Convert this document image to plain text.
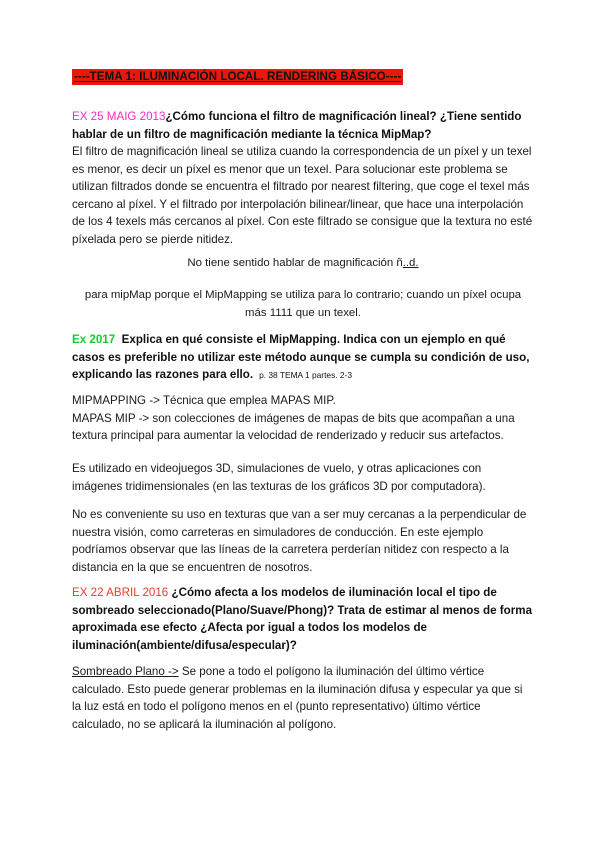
----TEMA 1: ILUMINACIÓN LOCAL. RENDERING BÁSICO----
EX 25 MAIG 2013¿Cómo funciona el filtro de magnificación lineal? ¿Tiene sentido hablar de un filtro de magnificación mediante la técnica MipMap?
El filtro de magnificación lineal se utiliza cuando la correspondencia de un píxel y un texel es menor, es decir un píxel es menor que un texel. Para solucionar este problema se utilizan filtrados donde se encuentra el filtrado por nearest filtering, que coge el texel más cercano al píxel. Y el filtrado por interpolación bilinear/linear, que hace una interpolación de los 4 texels más cercanos al píxel. Con este filtrado se consigue que la textura no esté píxelada pero se pierde nitidez.
No tiene sentido hablar de magnificación ñ..d.
para mipMap porque el MipMapping se utiliza para lo contrario; cuando un píxel ocupa
más 1111 que un texel.
Ex 2017 Explica en qué consiste el MipMapping. Indica con un ejemplo en qué casos es preferible no utilizar este método aunque se cumpla su condición de uso, explicando las razones para ello. p. 38 TEMA 1 partes. 2-3
MIPMAPPING -> Técnica que emplea MAPAS MIP.
MAPAS MIP -> son colecciones de imágenes de mapas de bits que acompañan a una textura principal para aumentar la velocidad de renderizado y reducir sus artefactos.
Es utilizado en videojuegos 3D, simulaciones de vuelo, y otras aplicaciones con imágenes tridimensionales (en las texturas de los gráficos 3D por computadora).
No es conveniente su uso en texturas que van a ser muy cercanas a la perpendicular de nuestra visión, como carreteras en simuladores de conducción. En este ejemplo podríamos observar que las líneas de la carretera perderían nitidez con respecto a la distancia en la que se encuentren de nosotros.
EX 22 ABRIL 2016 ¿Cómo afecta a los modelos de iluminación local el tipo de sombreado seleccionado(Plano/Suave/Phong)? Trata de estimar al menos de forma aproximada ese efecto ¿Afecta por igual a todos los modelos de iluminación(ambiente/difusa/especular)?
Sombreado Plano -> Se pone a todo el polígono la iluminación del último vértice calculado. Esto puede generar problemas en la iluminación difusa y especular ya que si la luz está en todo el polígono menos en el (punto representativo) último vértice calculado, no se aplicará la iluminación al polígono.
